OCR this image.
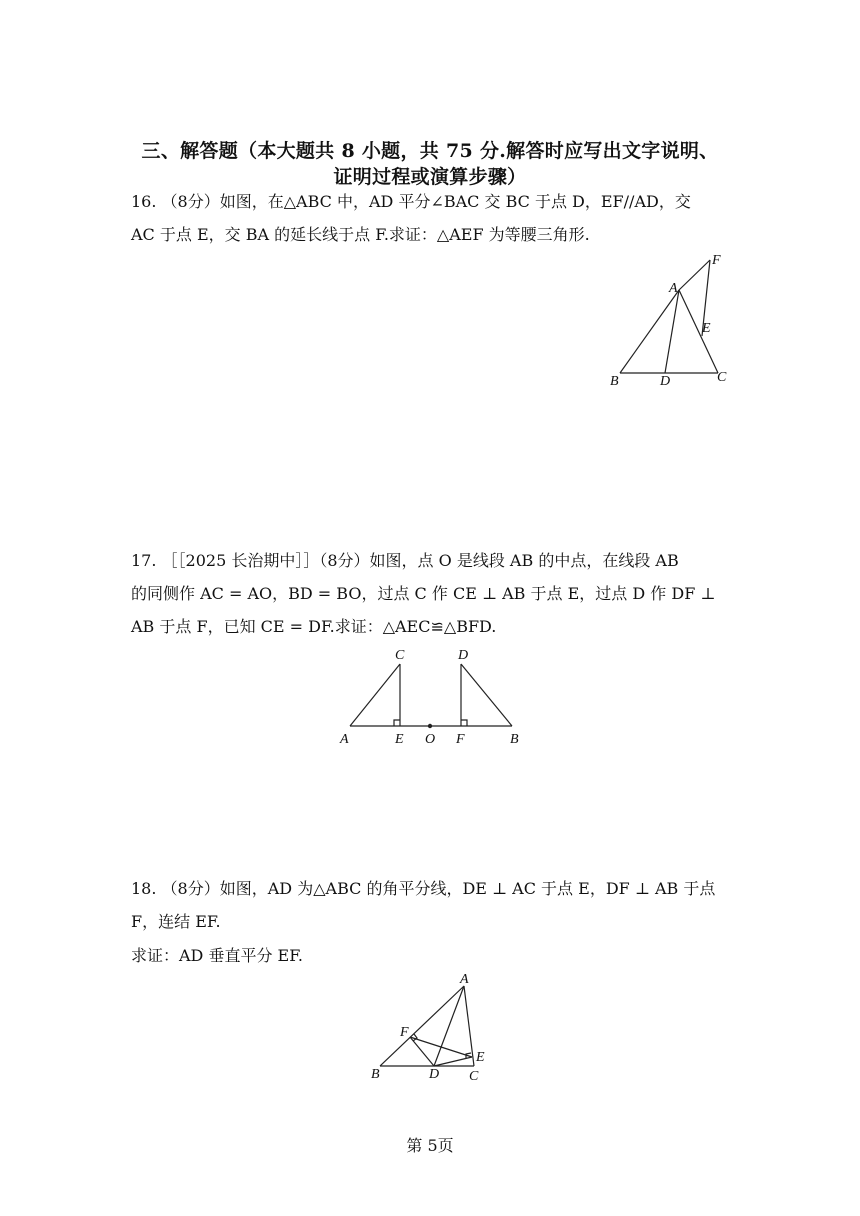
三、解答题（本大题共 8 小题，共 75 分.解答时应写出文字说明、
证明过程或演算步骤）
16. （8分）如图，在△ABC 中，AD 平分∠BAC 交 BC 于点 D，EF//AD，交
AC 于点 E，交 BA 的延长线于点 F.求证：△AEF 为等腰三角形.
F
A
E
B	D	C
17. ［［2025 长治期中］］（8分）如图，点 O 是线段 AB 的中点，在线段 AB
的同侧作 AC = AO，BD = BO，过点 C 作 CE ⊥ AB 于点 E，过点 D 作 DF ⊥
AB 于点 F，已知 CE = DF.求证：△AEC≌△BFD.
C	D
A	E O F	B
18. （8分）如图，AD 为△ABC 的角平分线，DE ⊥ AC 于点 E，DF ⊥ AB 于点
F，连结 EF.
求证：AD 垂直平分 EF.
A
F
E
B	D C
第 5页
